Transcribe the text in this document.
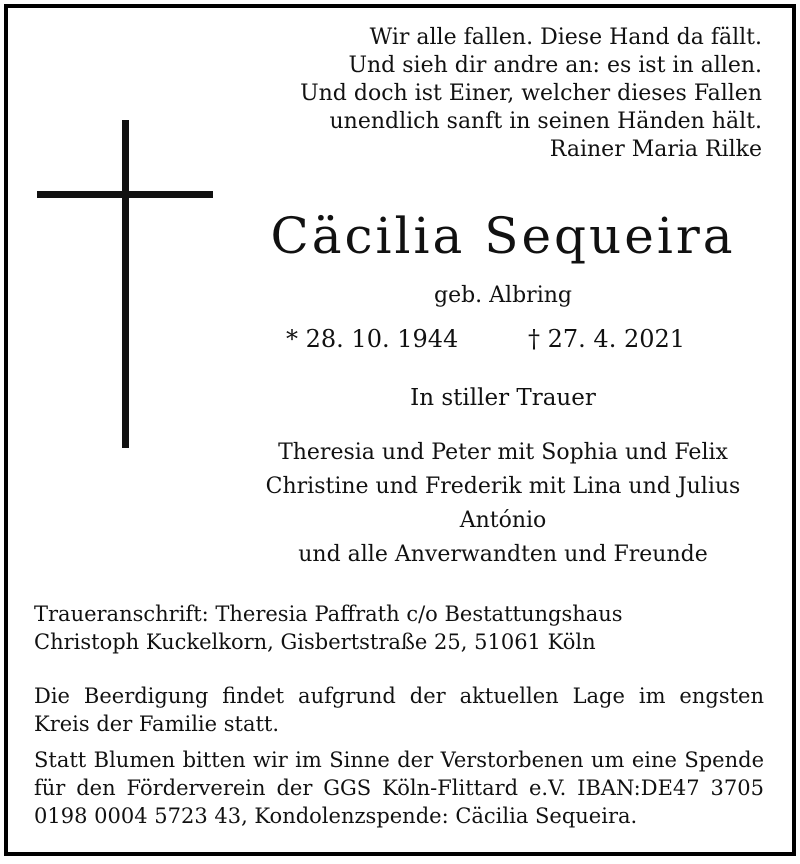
Wir alle fallen. Diese Hand da fällt.
Und sieh dir andre an: es ist in allen.
Und doch ist Einer, welcher dieses Fallen
unendlich sanft in seinen Händen hält.
Rainer Maria Rilke
Cäcilia Sequeira
geb. Albring
* 28. 10. 1944	† 27. 4. 2021
In stiller Trauer
Theresia und Peter mit Sophia und Felix
Christine und Frederik mit Lina und Julius
António
und alle Anverwandten und Freunde
Traueranschrift: Theresia Paffrath c/o Bestattungshaus
Christoph Kuckelkorn, Gisbertstraße 25, 51061 Köln
Die Beerdigung findet aufgrund der aktuellen Lage im engsten Kreis der Familie statt.
Statt Blumen bitten wir im Sinne der Verstorbenen um eine Spende für den Förderverein der GGS Köln-Flittard e.V. IBAN:DE47 3705 0198 0004 5723 43, Kondolenzspende: Cäcilia Sequeira.
